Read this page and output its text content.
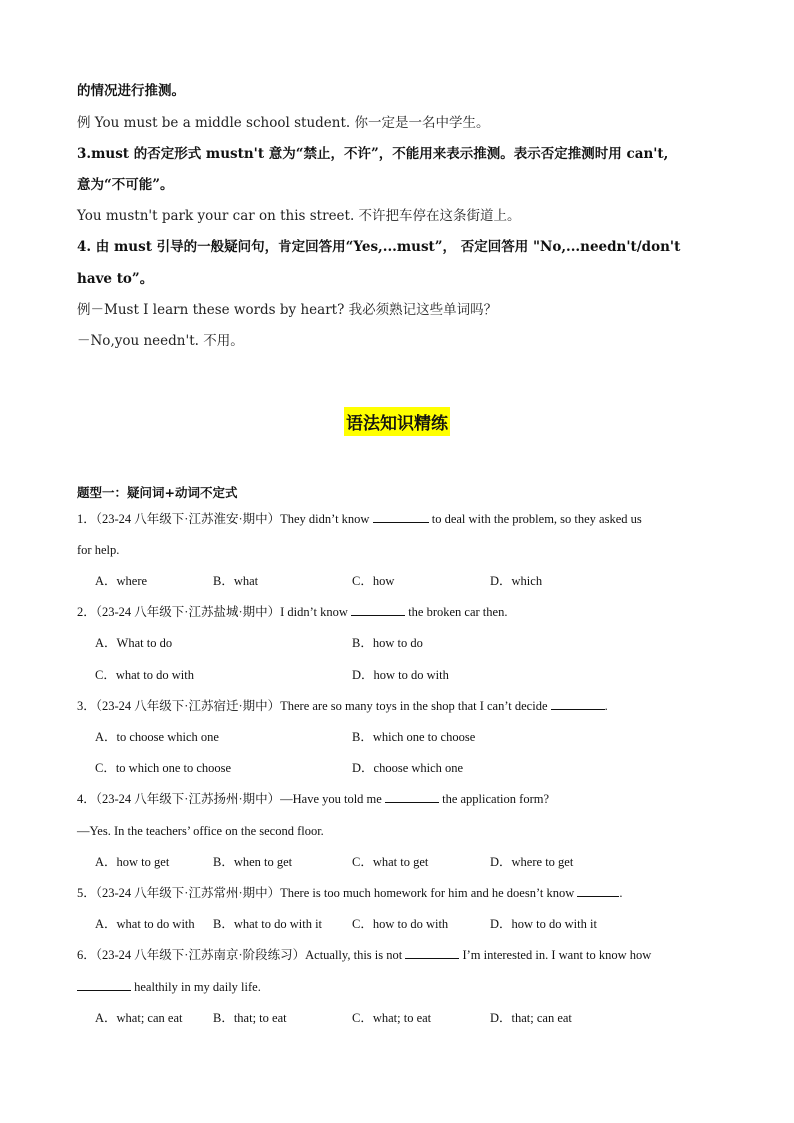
的情况进行推测。
例 You must be a middle school student. 你一定是一名中学生。
3.must 的否定形式 mustn't 意为“禁止，不许”，不能用来表示推测。表示否定推测时用 can't,
意为“不可能”。
You mustn't park your car on this street. 不许把车停在这条街道上。
4. 由 must 引导的一般疑问句，肯定回答用“Yes,...must”， 否定回答用 "No,...needn't/don't
have to”。
例－Must I learn these words by heart? 我必须熟记这些单词吗？
－No,you needn't. 不用。
语法知识精练
题型一：疑问词+动词不定式
1．（23-24 八年级下·江苏淮安·期中）They didn’t know	to deal with the problem, so they asked us
for help.
A．where	B．what	C．how	D．which
2．（23-24 八年级下·江苏盐城·期中）I didn’t know	the broken car then.
A．What to do	B．how to do
C．what to do with	D．how to do with
3．（23-24 八年级下·江苏宿迁·期中）There are so many toys in the shop that I can’t decide	.
A．to choose which one	B．which one to choose
C．to which one to choose	D．choose which one
4．（23-24 八年级下·江苏扬州·期中）—Have you told me	the application form?
—Yes. In the teachers’ office on the second floor.
A．how to get	B．when to get	C．what to get	D．where to get
5．（23-24 八年级下·江苏常州·期中）There is too much homework for him and he doesn’t know	.
A．what to do with B．what to do with it C．how to do with	D．how to do with it
6．（23-24 八年级下·江苏南京·阶段练习）Actually, this is not	I’m interested in. I want to know how
healthily in my daily life.
A．what; can eat B．that; to eat	C．what; to eat	D．that; can eat
